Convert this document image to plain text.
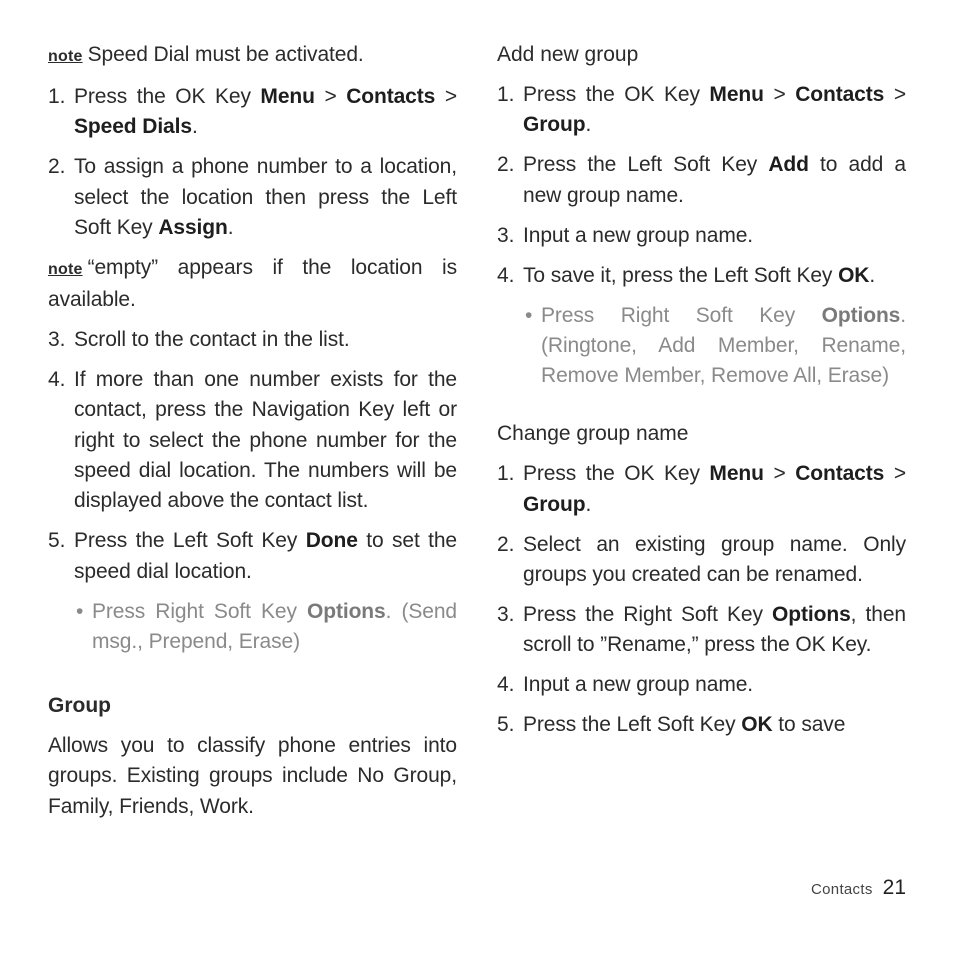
note Speed Dial must be activated.
1. Press the OK Key Menu > Contacts > Speed Dials.
2. To assign a phone number to a location, select the location then press the Left Soft Key Assign.
note “empty” appears if the location is available.
3. Scroll to the contact in the list.
4. If more than one number exists for the contact, press the Navigation Key left or right to select the phone number for the speed dial location. The numbers will be displayed above the contact list.
5. Press the Left Soft Key Done to set the speed dial location.
• Press Right Soft Key Options. (Send msg., Prepend, Erase)
Group
Allows you to classify phone entries into groups. Existing groups include No Group, Family, Friends, Work.
Add new group
1. Press the OK Key Menu > Contacts > Group.
2. Press the Left Soft Key Add to add a new group name.
3. Input a new group name.
4. To save it, press the Left Soft Key OK.
• Press Right Soft Key Options. (Ringtone, Add Member, Rename, Remove Member, Remove All, Erase)
Change group name
1. Press the OK Key Menu > Contacts > Group.
2. Select an existing group name. Only groups you created can be renamed.
3. Press the Right Soft Key Options, then scroll to ”Rename,” press the OK Key.
4. Input a new group name.
5. Press the Left Soft Key OK to save
Contacts 21
